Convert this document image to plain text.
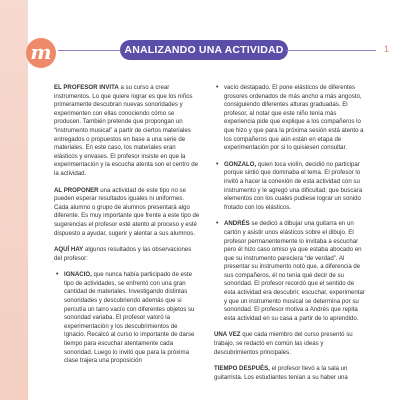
m	ANALIZANDO UNA ACTIVIDAD	1

EL PROFESOR INVITA a su curso a crear instrumentos. Lo que quiere lograr es que los niños primeramente descubran nuevas sonoridades y experimenten con ellas conociendo cómo se producen. También pretende que propongan un “instrumento musical” a partir de ciertos materiales entregados o propuestos en base a una serie de materiales. En este caso, los materiales eran elásticos y envases. El profesor insiste en que la experimentación y la escucha atenta son el centro de la actividad.

AL PROPONER una actividad de este tipo no se pueden esperar resultados iguales ni uniformes. Cada alumno o grupo de alumnos presentará algo diferente. Es muy importante que frente a este tipo de sugerencias el profesor esté atento al proceso y esté dispuesto a ayudar, sugerir y alentar a sus alumnos.

AQUÍ HAY algunos resultados y las observaciones del profesor:

• IGNACIO, que nunca había participado de este tipo de actividades, se enfrentó con una gran cantidad de materiales. Investigando distintas sonoridades y descubriendo además que si percutía un tarro vacío con diferentes objetos su sonoridad variaba. El profesor valoró la experimentación y los descubrimientos de Ignacio. Recalcó al curso lo importante de darse tiempo para escuchar atentamente cada sonoridad. Luego lo invitó que para la próxima clase trajera una proposición

• vacío destapado. El pone elásticos de diferentes grosores ordenados de más ancho a más angosto, consiguiendo diferentes alturas graduadas. El profesor, al notar que este niño tenía más experiencia pide que explique a los compañeros lo que hizo y que para la próxima sesión está atento a los compañeros que aún están en etapa de experimentación por si lo quisiesen consultar.

• GONZALO, quien toca violín, decidió no participar porque sintió que dominaba el tema. El profesor lo invitó a hacer la conexión de esta actividad con su instrumento y le agregó una dificultad; que buscara elementos con los cuales pudiese lograr un sonido frotado con los elásticos.

• ANDRÉS se dedicó a dibujar una guitarra en un cartón y asistir unos elásticos sobre el dibujo. El profesor permanentemente lo invitaba a escuchar pero él hizo caso omiso ya que estaba abocado en que su instrumento pareciera “de verdad”. Al presentar su instrumento notó que, a diferencia de sus compañeros, él no tenía qué decir de su sonoridad. El profesor recordó que el sentido de esta actividad era descubrir, escuchar, experimentar y que un instrumento musical se determina por su sonoridad. El profesor motiva a Andrés que repita esta actividad en su casa a partir de lo aprendido.

UNA VEZ que cada miembro del curso presentó su trabajo, se redactó en común las ideas y descubrimientos principales.

TIEMPO DESPUÉS, el profesor llevó a la sala un guitarrista. Los estudiantes tenían a su haber una
